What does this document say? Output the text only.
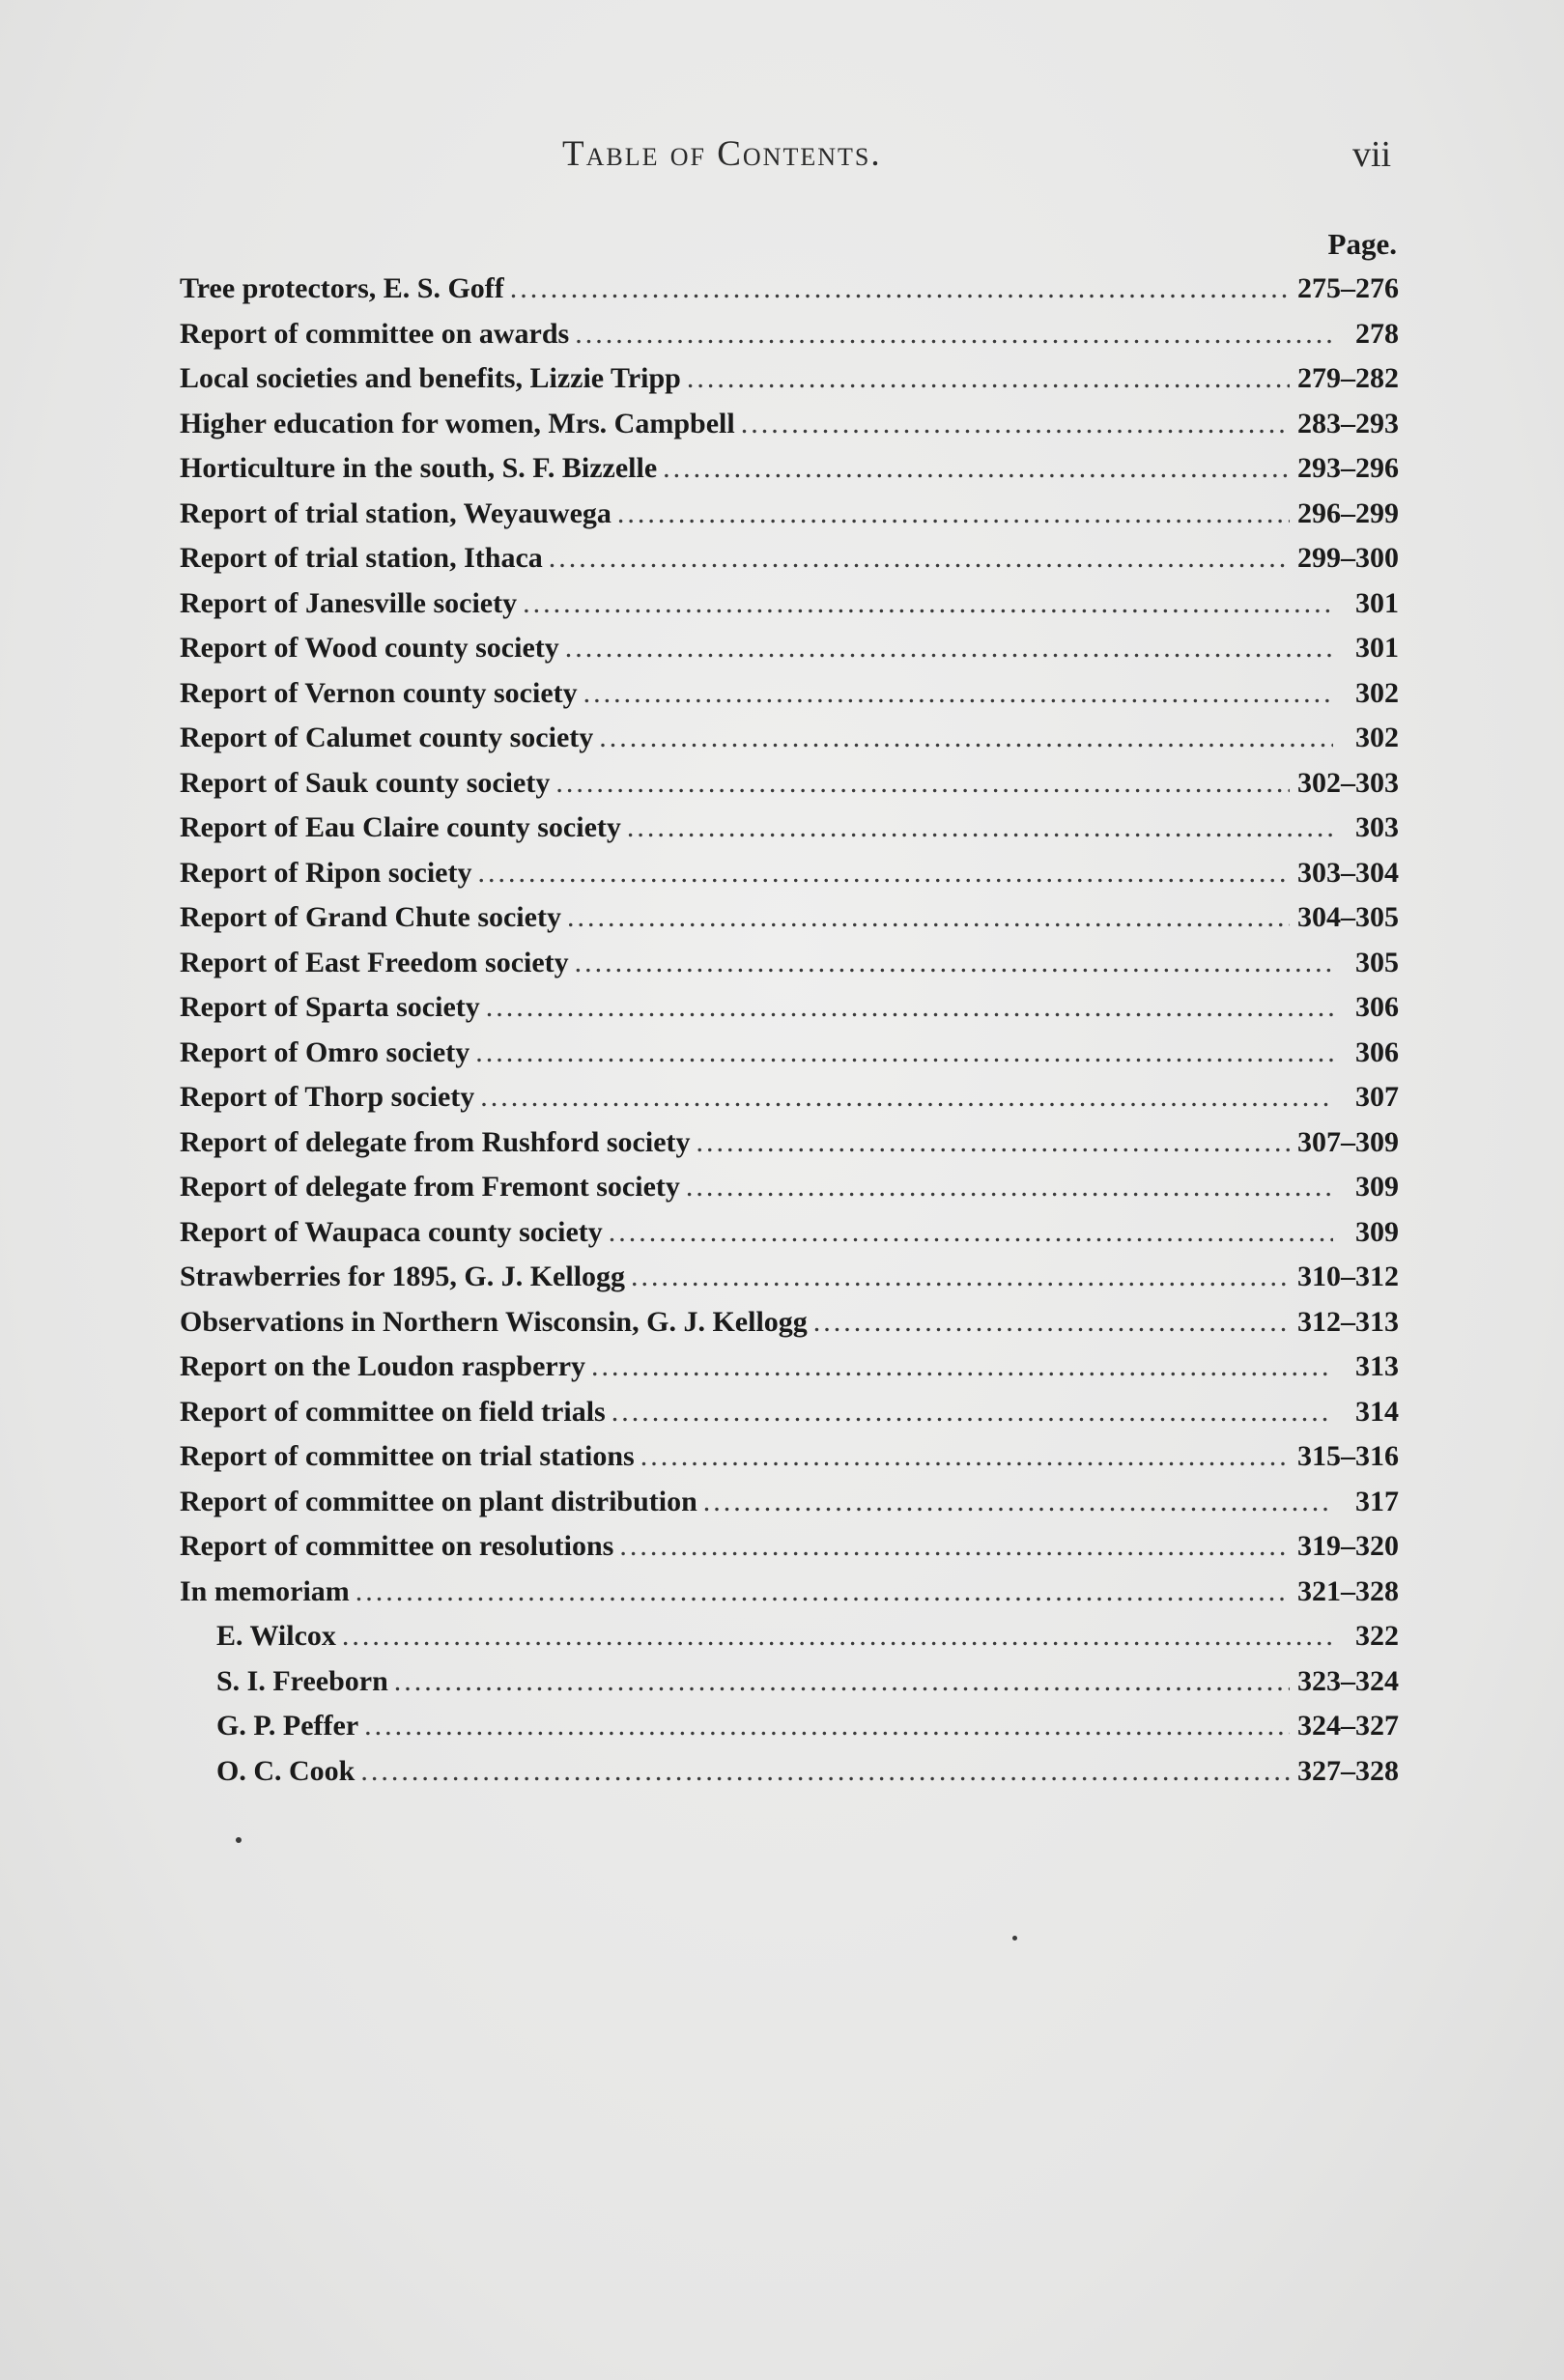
Table of Contents.	vii
Page.
Tree protectors, E. S. Goff .....	275–276
Report of committee on awards .....	278
Local societies and benefits, Lizzie Tripp .....	279–282
Higher education for women, Mrs. Campbell .....	283–293
Horticulture in the south, S. F. Bizzelle .....	293–296
Report of trial station, Weyauwega .....	296–299
Report of trial station, Ithaca .....	299–300
Report of Janesville society .....	301
Report of Wood county society .....	301
Report of Vernon county society .....	302
Report of Calumet county society .....	302
Report of Sauk county society .....	302–303
Report of Eau Claire county society .....	303
Report of Ripon society .....	303–304
Report of Grand Chute society .....	304–305
Report of East Freedom society .....	305
Report of Sparta society .....	306
Report of Omro society .....	306
Report of Thorp society .....	307
Report of delegate from Rushford society .....	307–309
Report of delegate from Fremont society .....	309
Report of Waupaca county society .....	309
Strawberries for 1895, G. J. Kellogg .....	310–312
Observations in Northern Wisconsin, G. J. Kellogg .....	312–313
Report on the Loudon raspberry .....	313
Report of committee on field trials .....	314
Report of committee on trial stations .....	315–316
Report of committee on plant distribution .....	317
Report of committee on resolutions .....	319–320
In memoriam .....	321–328
E. Wilcox .....	322
S. I. Freeborn .....	323–324
G. P. Peffer .....	324–327
O. C. Cook .....	327–328
